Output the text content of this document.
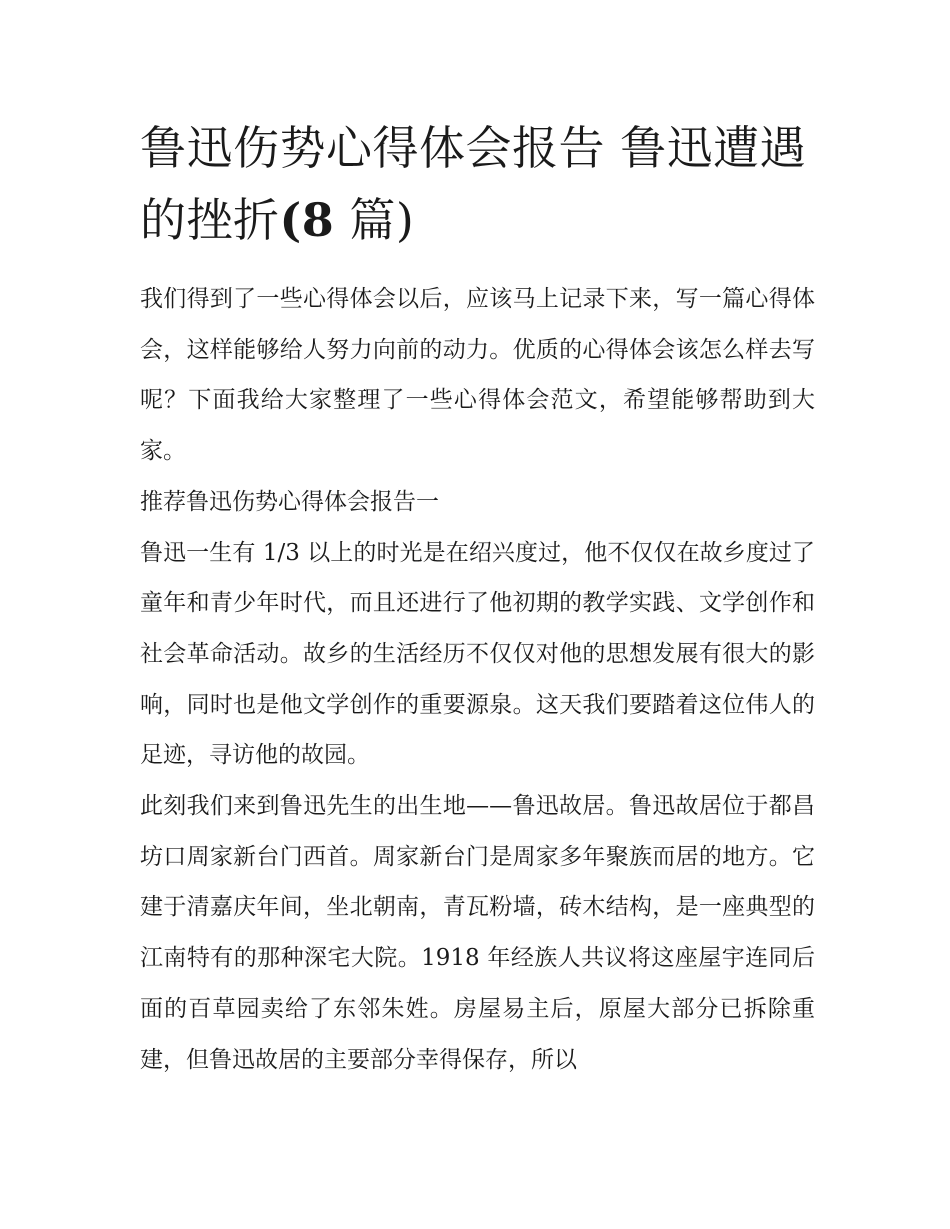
鲁迅伤势心得体会报告 鲁迅遭遇的挫折(8 篇)

我们得到了一些心得体会以后，应该马上记录下来，写一篇心得体会，这样能够给人努力向前的动力。优质的心得体会该怎么样去写呢？下面我给大家整理了一些心得体会范文，希望能够帮助到大家。

推荐鲁迅伤势心得体会报告一

鲁迅一生有 1/3 以上的时光是在绍兴度过，他不仅仅在故乡度过了童年和青少年时代，而且还进行了他初期的教学实践、文学创作和社会革命活动。故乡的生活经历不仅仅对他的思想发展有很大的影响，同时也是他文学创作的重要源泉。这天我们要踏着这位伟人的足迹，寻访他的故园。

此刻我们来到鲁迅先生的出生地——鲁迅故居。鲁迅故居位于都昌坊口周家新台门西首。周家新台门是周家多年聚族而居的地方。它建于清嘉庆年间，坐北朝南，青瓦粉墙，砖木结构，是一座典型的江南特有的那种深宅大院。1918 年经族人共议将这座屋宇连同后面的百草园卖给了东邻朱姓。房屋易主后，原屋大部分已拆除重建，但鲁迅故居的主要部分幸得保存，所以
